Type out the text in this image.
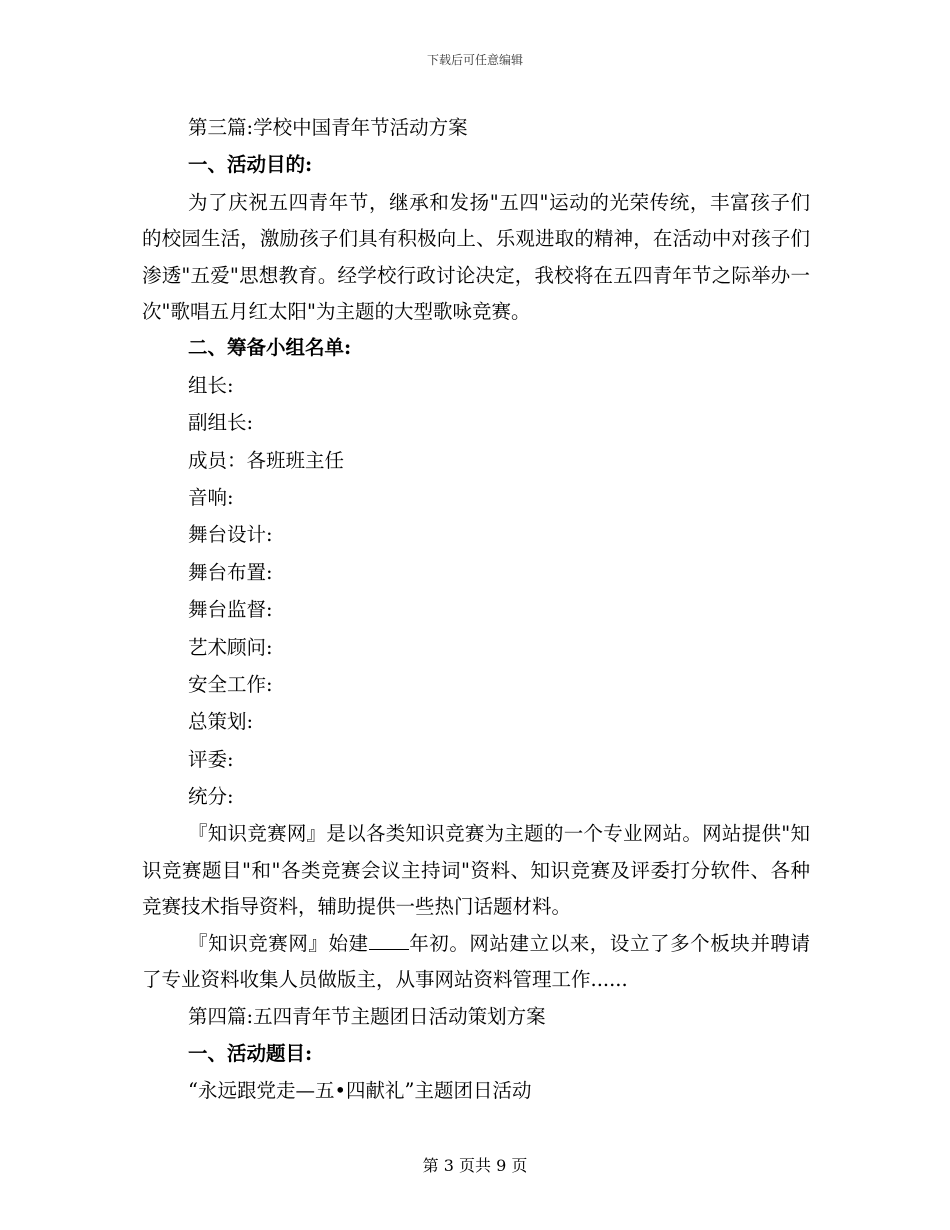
下载后可任意编辑
第三篇:学校中国青年节活动方案
一、活动目的:

为了庆祝五四青年节，继承和发扬"五四"运动的光荣传统，丰富孩子们的校园生活，激励孩子们具有积极向上、乐观进取的精神，在活动中对孩子们渗透"五爱"思想教育。经学校行政讨论决定，我校将在五四青年节之际举办一次"歌唱五月红太阳"为主题的大型歌咏竞赛。

二、筹备小组名单:
组长:
副组长:
成员：各班班主任
音响:
舞台设计:
舞台布置:
舞台监督:
艺术顾问:
安全工作:
总策划:
评委:
统分:

『知识竞赛网』是以各类知识竞赛为主题的一个专业网站。网站提供"知识竞赛题目"和"各类竞赛会议主持词"资料、知识竞赛及评委打分软件、各种竞赛技术指导资料，辅助提供一些热门话题材料。

『知识竞赛网』始建 年初。网站建立以来，设立了多个板块并聘请了专业资料收集人员做版主，从事网站资料管理工作......

第四篇:五四青年节主题团日活动策划方案
一、活动题目:
“永远跟党走—五•四献礼”主题团日活动
第 3 页共 9 页
